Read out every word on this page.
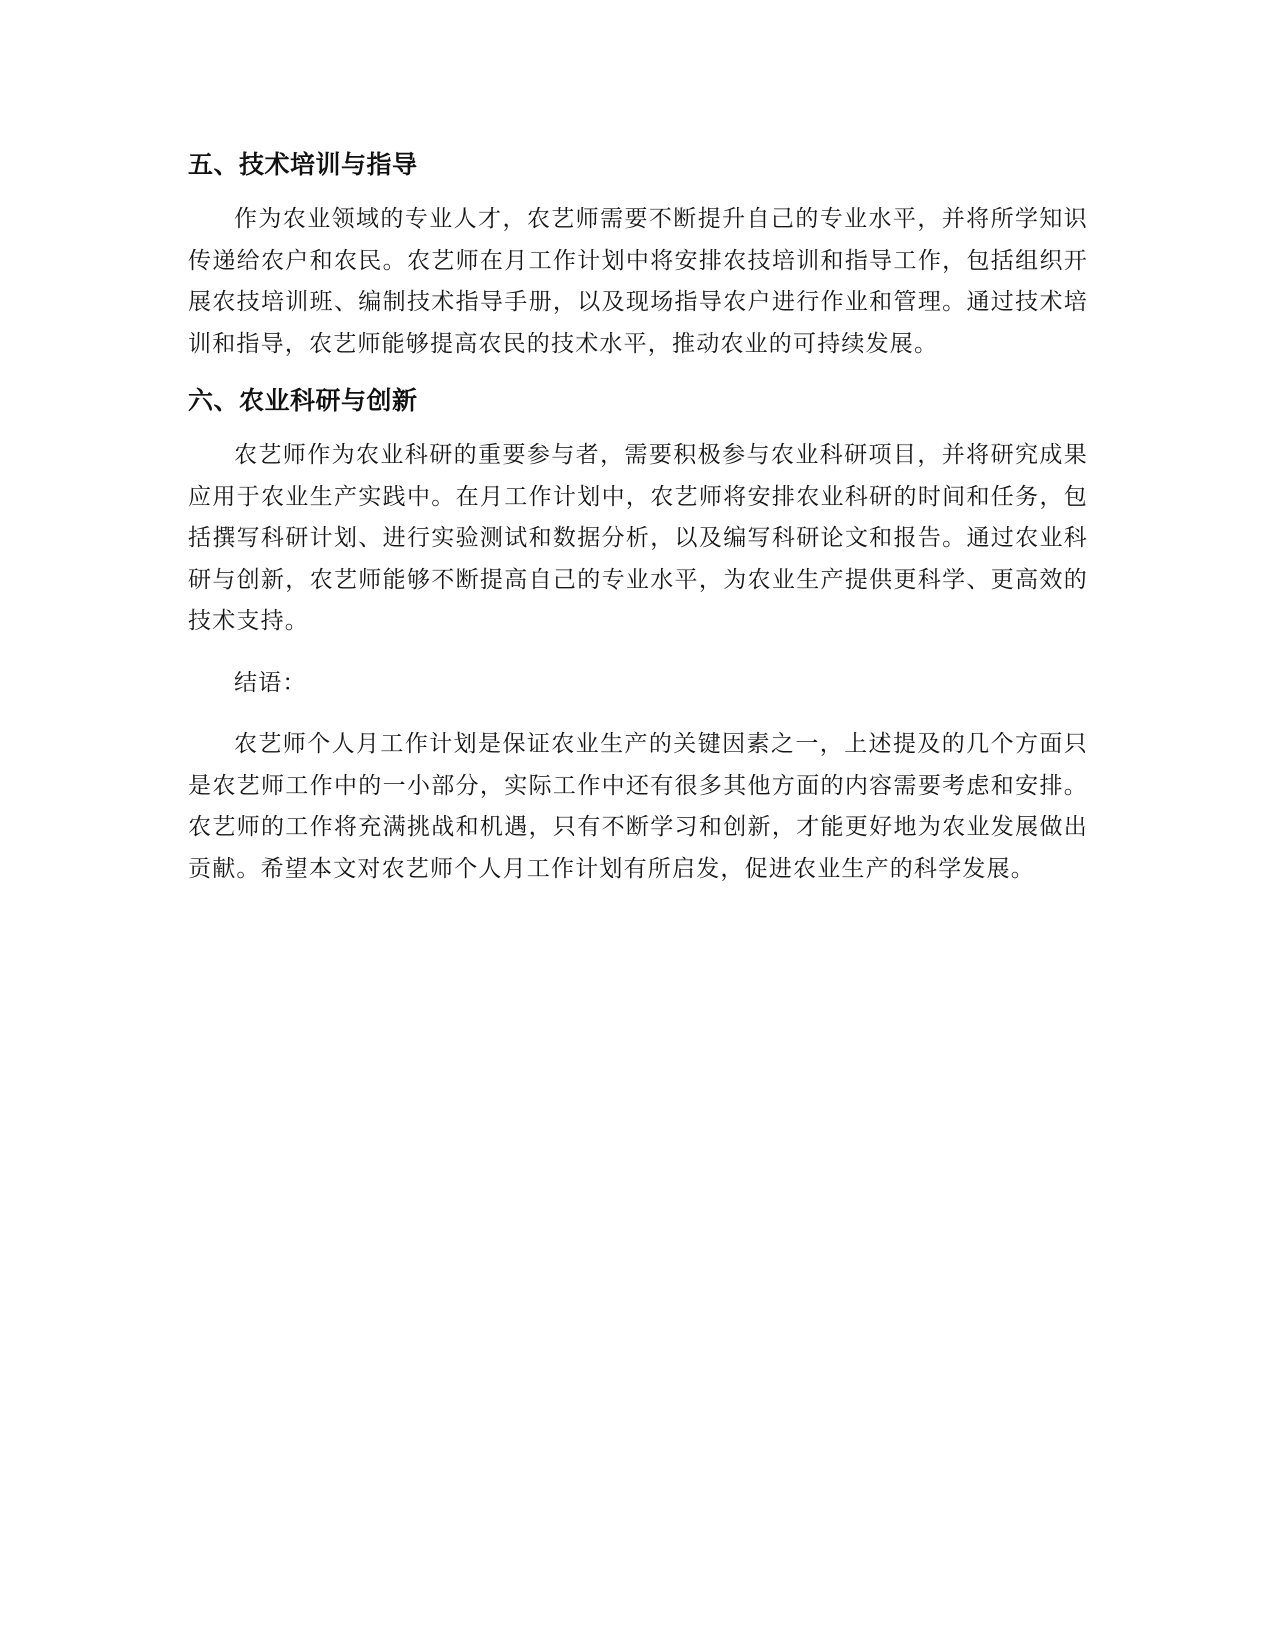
五、技术培训与指导

作为农业领域的专业人才，农艺师需要不断提升自己的专业水平，并将所学知识传递给农户和农民。农艺师在月工作计划中将安排农技培训和指导工作，包括组织开展农技培训班、编制技术指导手册，以及现场指导农户进行作业和管理。通过技术培训和指导，农艺师能够提高农民的技术水平，推动农业的可持续发展。

六、农业科研与创新

农艺师作为农业科研的重要参与者，需要积极参与农业科研项目，并将研究成果应用于农业生产实践中。在月工作计划中，农艺师将安排农业科研的时间和任务，包括撰写科研计划、进行实验测试和数据分析，以及编写科研论文和报告。通过农业科研与创新，农艺师能够不断提高自己的专业水平，为农业生产提供更科学、更高效的技术支持。

结语：

农艺师个人月工作计划是保证农业生产的关键因素之一，上述提及的几个方面只是农艺师工作中的一小部分，实际工作中还有很多其他方面的内容需要考虑和安排。农艺师的工作将充满挑战和机遇，只有不断学习和创新，才能更好地为农业发展做出贡献。希望本文对农艺师个人月工作计划有所启发，促进农业生产的科学发展。
